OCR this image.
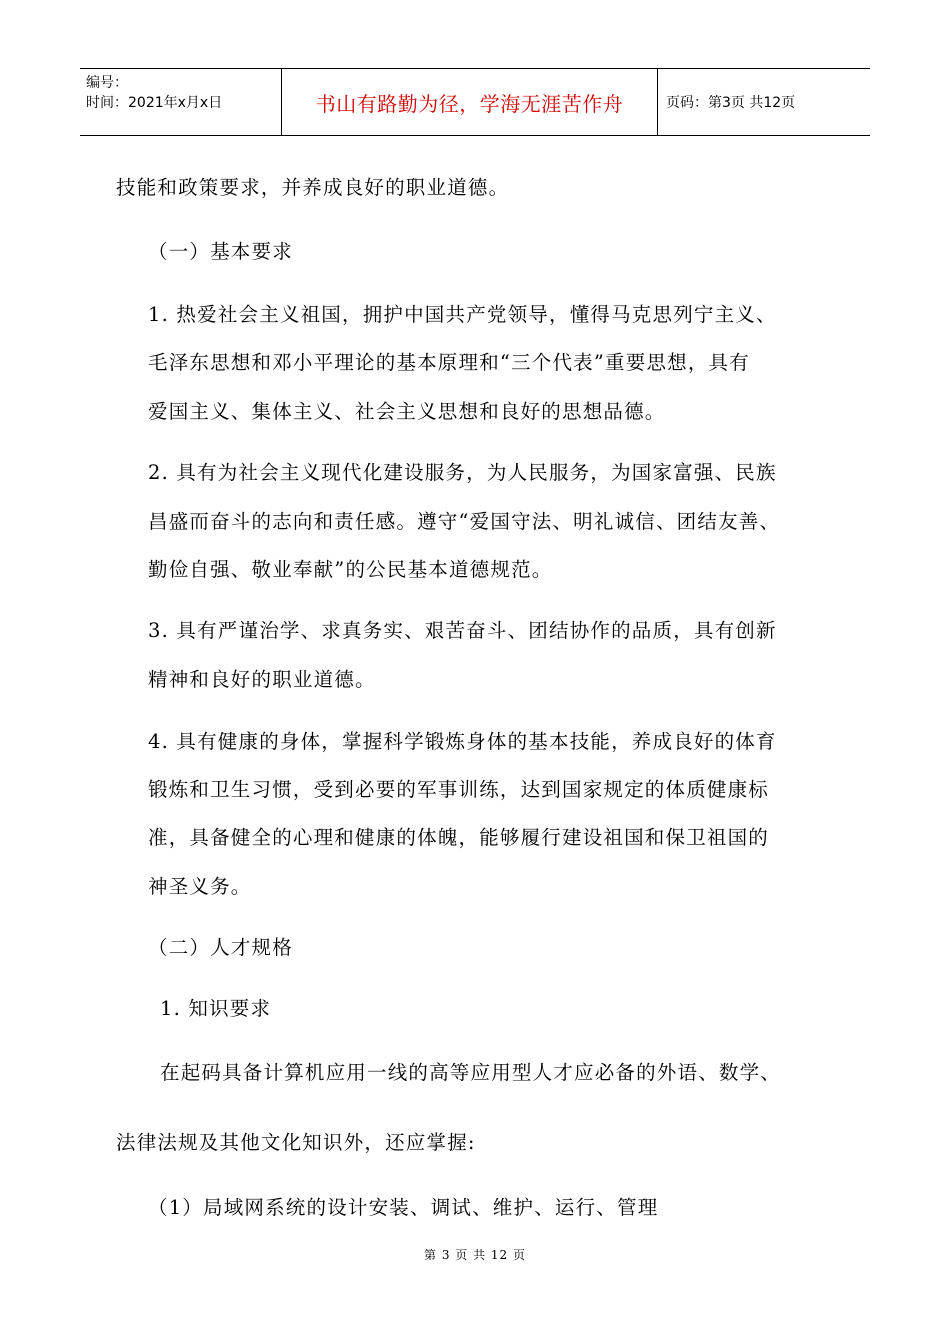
编号：
时间：2021年x月x日	书山有路勤为径，学海无涯苦作舟	页码：第3页 共12页
技能和政策要求，并养成良好的职业道德。
（一）基本要求
1. 热爱社会主义祖国，拥护中国共产党领导，懂得马克思列宁主义、
毛泽东思想和邓小平理论的基本原理和“三个代表”重要思想，具有
爱国主义、集体主义、社会主义思想和良好的思想品德。
2. 具有为社会主义现代化建设服务，为人民服务，为国家富强、民族
昌盛而奋斗的志向和责任感。遵守“爱国守法、明礼诚信、团结友善、
勤俭自强、敬业奉献”的公民基本道德规范。
3. 具有严谨治学、求真务实、艰苦奋斗、团结协作的品质，具有创新
精神和良好的职业道德。
4. 具有健康的身体，掌握科学锻炼身体的基本技能，养成良好的体育
锻炼和卫生习惯，受到必要的军事训练，达到国家规定的体质健康标
准，具备健全的心理和健康的体魄，能够履行建设祖国和保卫祖国的
神圣义务。
（二）人才规格
1. 知识要求
在起码具备计算机应用一线的高等应用型人才应必备的外语、数学、
法律法规及其他文化知识外，还应掌握:
（1）局域网系统的设计安装、调试、维护、运行、管理
第 3 页 共 12 页
